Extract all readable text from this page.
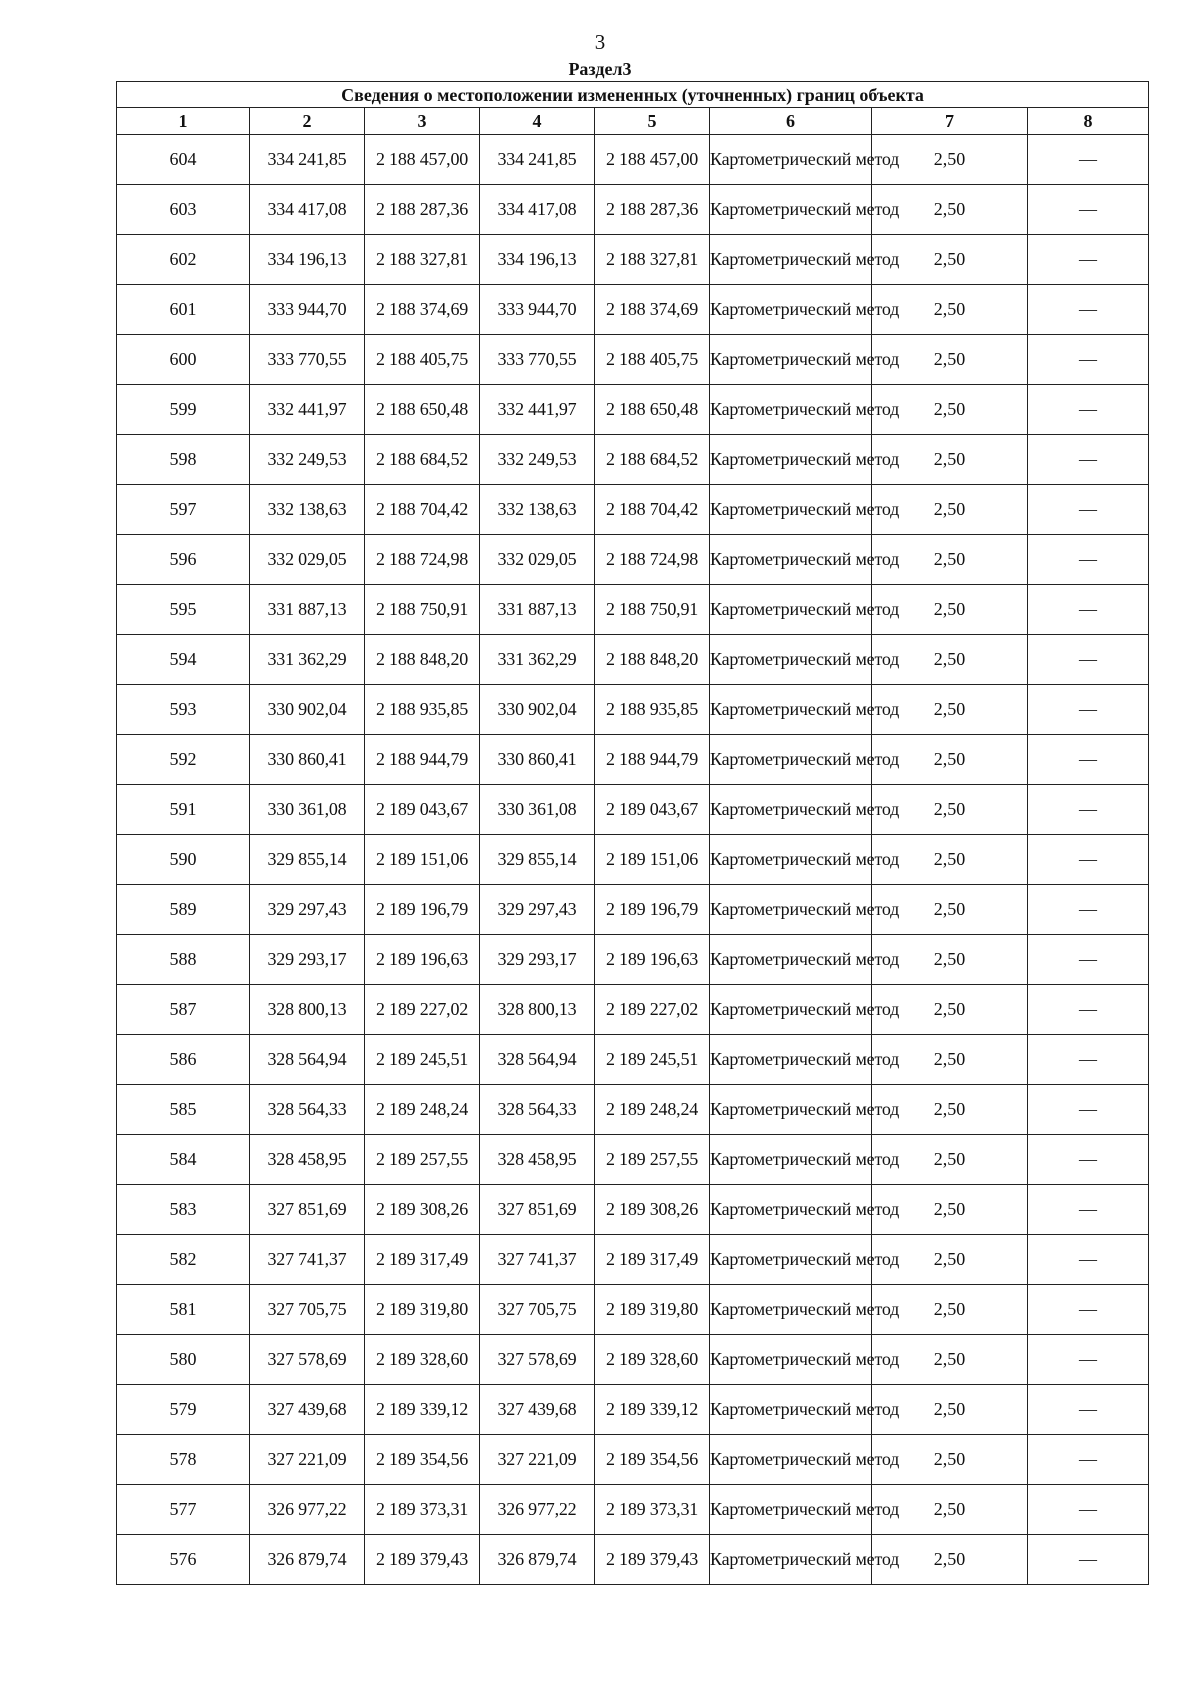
3
Раздел3
Сведения о местоположении измененных (уточненных) границ объекта							
1	2	3	4	5	6	7	8
604	334 241,85	2 188 457,00	334 241,85	2 188 457,00	Картометрический метод	2,50	—
603	334 417,08	2 188 287,36	334 417,08	2 188 287,36	Картометрический метод	2,50	—
602	334 196,13	2 188 327,81	334 196,13	2 188 327,81	Картометрический метод	2,50	—
601	333 944,70	2 188 374,69	333 944,70	2 188 374,69	Картометрический метод	2,50	—
600	333 770,55	2 188 405,75	333 770,55	2 188 405,75	Картометрический метод	2,50	—
599	332 441,97	2 188 650,48	332 441,97	2 188 650,48	Картометрический метод	2,50	—
598	332 249,53	2 188 684,52	332 249,53	2 188 684,52	Картометрический метод	2,50	—
597	332 138,63	2 188 704,42	332 138,63	2 188 704,42	Картометрический метод	2,50	—
596	332 029,05	2 188 724,98	332 029,05	2 188 724,98	Картометрический метод	2,50	—
595	331 887,13	2 188 750,91	331 887,13	2 188 750,91	Картометрический метод	2,50	—
594	331 362,29	2 188 848,20	331 362,29	2 188 848,20	Картометрический метод	2,50	—
593	330 902,04	2 188 935,85	330 902,04	2 188 935,85	Картометрический метод	2,50	—
592	330 860,41	2 188 944,79	330 860,41	2 188 944,79	Картометрический метод	2,50	—
591	330 361,08	2 189 043,67	330 361,08	2 189 043,67	Картометрический метод	2,50	—
590	329 855,14	2 189 151,06	329 855,14	2 189 151,06	Картометрический метод	2,50	—
589	329 297,43	2 189 196,79	329 297,43	2 189 196,79	Картометрический метод	2,50	—
588	329 293,17	2 189 196,63	329 293,17	2 189 196,63	Картометрический метод	2,50	—
587	328 800,13	2 189 227,02	328 800,13	2 189 227,02	Картометрический метод	2,50	—
586	328 564,94	2 189 245,51	328 564,94	2 189 245,51	Картометрический метод	2,50	—
585	328 564,33	2 189 248,24	328 564,33	2 189 248,24	Картометрический метод	2,50	—
584	328 458,95	2 189 257,55	328 458,95	2 189 257,55	Картометрический метод	2,50	—
583	327 851,69	2 189 308,26	327 851,69	2 189 308,26	Картометрический метод	2,50	—
582	327 741,37	2 189 317,49	327 741,37	2 189 317,49	Картометрический метод	2,50	—
581	327 705,75	2 189 319,80	327 705,75	2 189 319,80	Картометрический метод	2,50	—
580	327 578,69	2 189 328,60	327 578,69	2 189 328,60	Картометрический метод	2,50	—
579	327 439,68	2 189 339,12	327 439,68	2 189 339,12	Картометрический метод	2,50	—
578	327 221,09	2 189 354,56	327 221,09	2 189 354,56	Картометрический метод	2,50	—
577	326 977,22	2 189 373,31	326 977,22	2 189 373,31	Картометрический метод	2,50	—
576	326 879,74	2 189 379,43	326 879,74	2 189 379,43	Картометрический метод	2,50	—
